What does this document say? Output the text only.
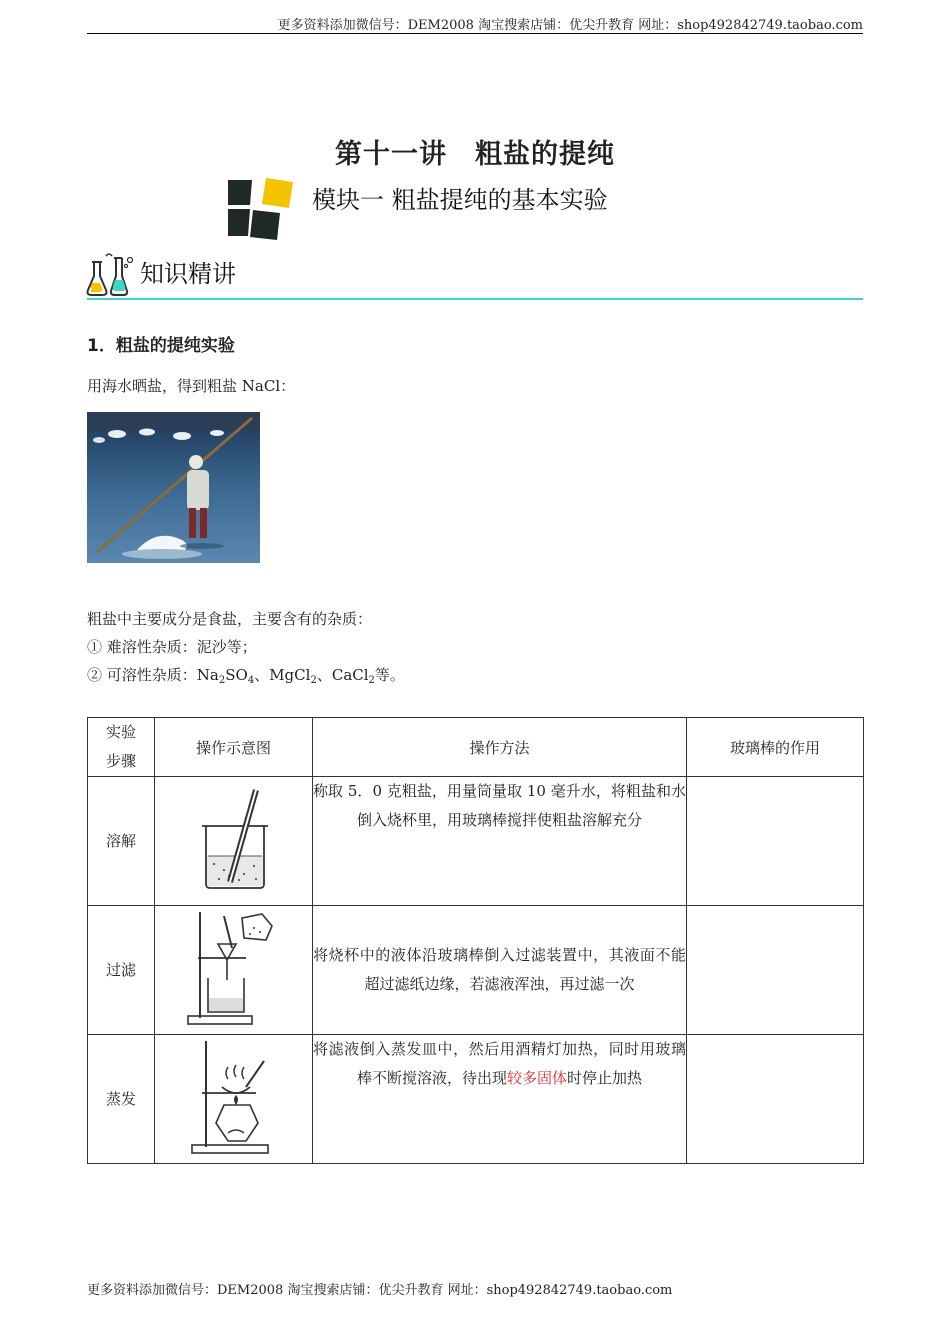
更多资料添加微信号：DEM2008 淘宝搜索店铺：优尖升教育 网址：shop492842749.taobao.com
第十一讲　粗盐的提纯
模块一 粗盐提纯的基本实验
知识精讲
1．粗盐的提纯实验
用海水晒盐，得到粗盐 NaCl：
粗盐中主要成分是食盐，主要含有的杂质：
① 难溶性杂质：泥沙等；
② 可溶性杂质：$Na_2SO_4$、MgCl$_2$、CaCl$_2$等。
实验
步骤	操作示意图	操作方法	玻璃棒的作用
溶解		称取 5．0 克粗盐，用量筒量取 10 毫升水，将粗盐和水倒入烧杯里，用玻璃棒搅拌使粗盐溶解充分	
过滤		将烧杯中的液体沿玻璃棒倒入过滤装置中，其液面不能超过滤纸边缘，若滤液浑浊，再过滤一次	
蒸发		将滤液倒入蒸发皿中，然后用酒精灯加热，同时用玻璃棒不断搅溶液，待出现较多固体时停止加热	
更多资料添加微信号：DEM2008 淘宝搜索店铺：优尖升教育 网址：shop492842749.taobao.com
